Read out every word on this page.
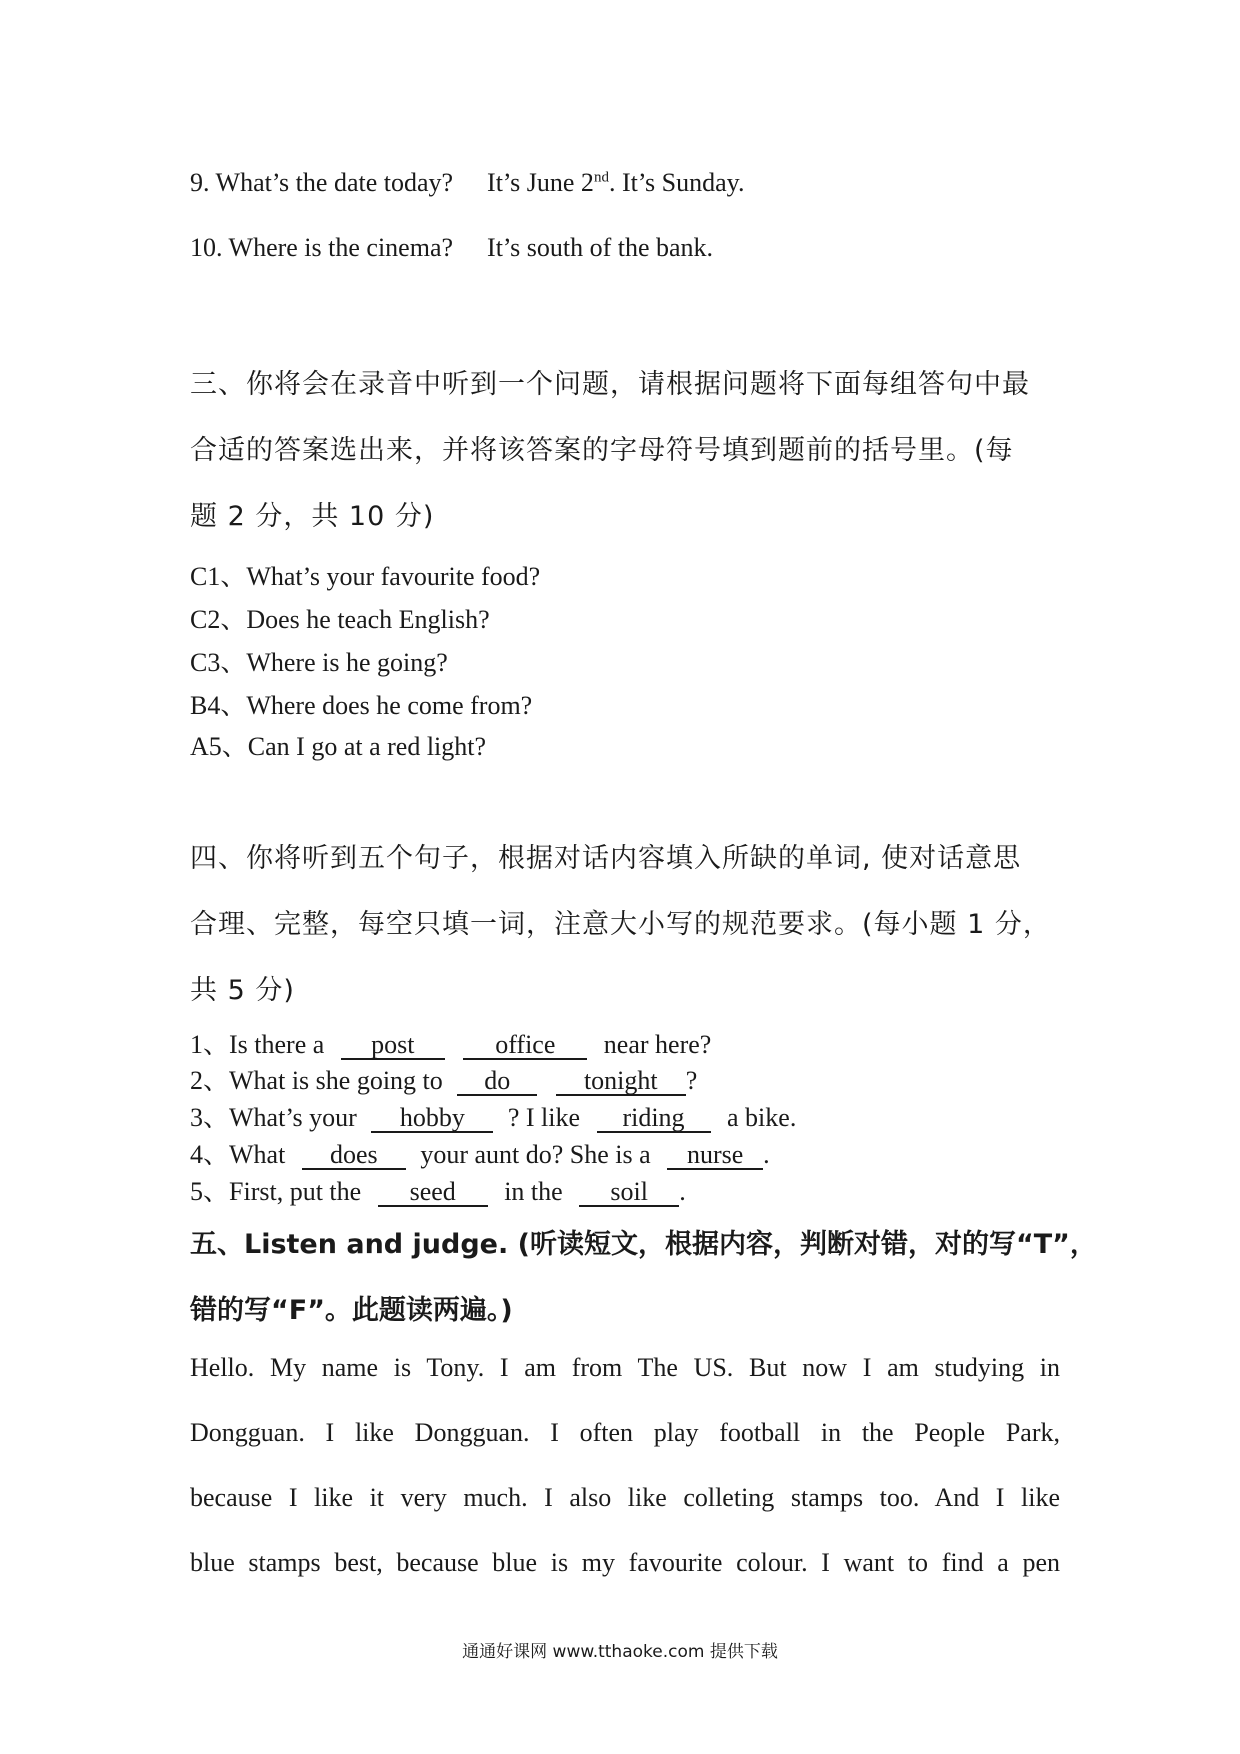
9. What’s the date today? It’s June 2nd. It’s Sunday.
10. Where is the cinema? It’s south of the bank.
三、你将会在录音中听到一个问题，请根据问题将下面每组答句中最
合适的答案选出来，并将该答案的字母符号填到题前的括号里。(每
题 2 分，共 10 分)
C1、What’s your favourite food?
C2、Does he teach English?
C3、Where is he going?
B4、Where does he come from?
A5、Can I go at a red light?
四、你将听到五个句子，根据对话内容填入所缺的单词, 使对话意思
合理、完整，每空只填一词，注意大小写的规范要求。(每小题 1 分，
共 5 分)
1、Is there a post	office near here?
2、What is she going to do	tonight ?
3、What’s your hobby ? I like riding a bike.
4、What does your aunt do? She is a nurse .
5、First, put the seed in the soil .
五、Listen and judge. (听读短文，根据内容，判断对错，对的写“T”，
错的写“F”。此题读两遍。)
Hello. My name is Tony. I am from The US. But now I am studying in
Dongguan. I like Dongguan. I often play football in the People Park,
because I like it very much. I also like colleting stamps too. And I like
blue stamps best, because blue is my favourite colour. I want to find a pen
通通好课网 www.tthaoke.com 提供下载
